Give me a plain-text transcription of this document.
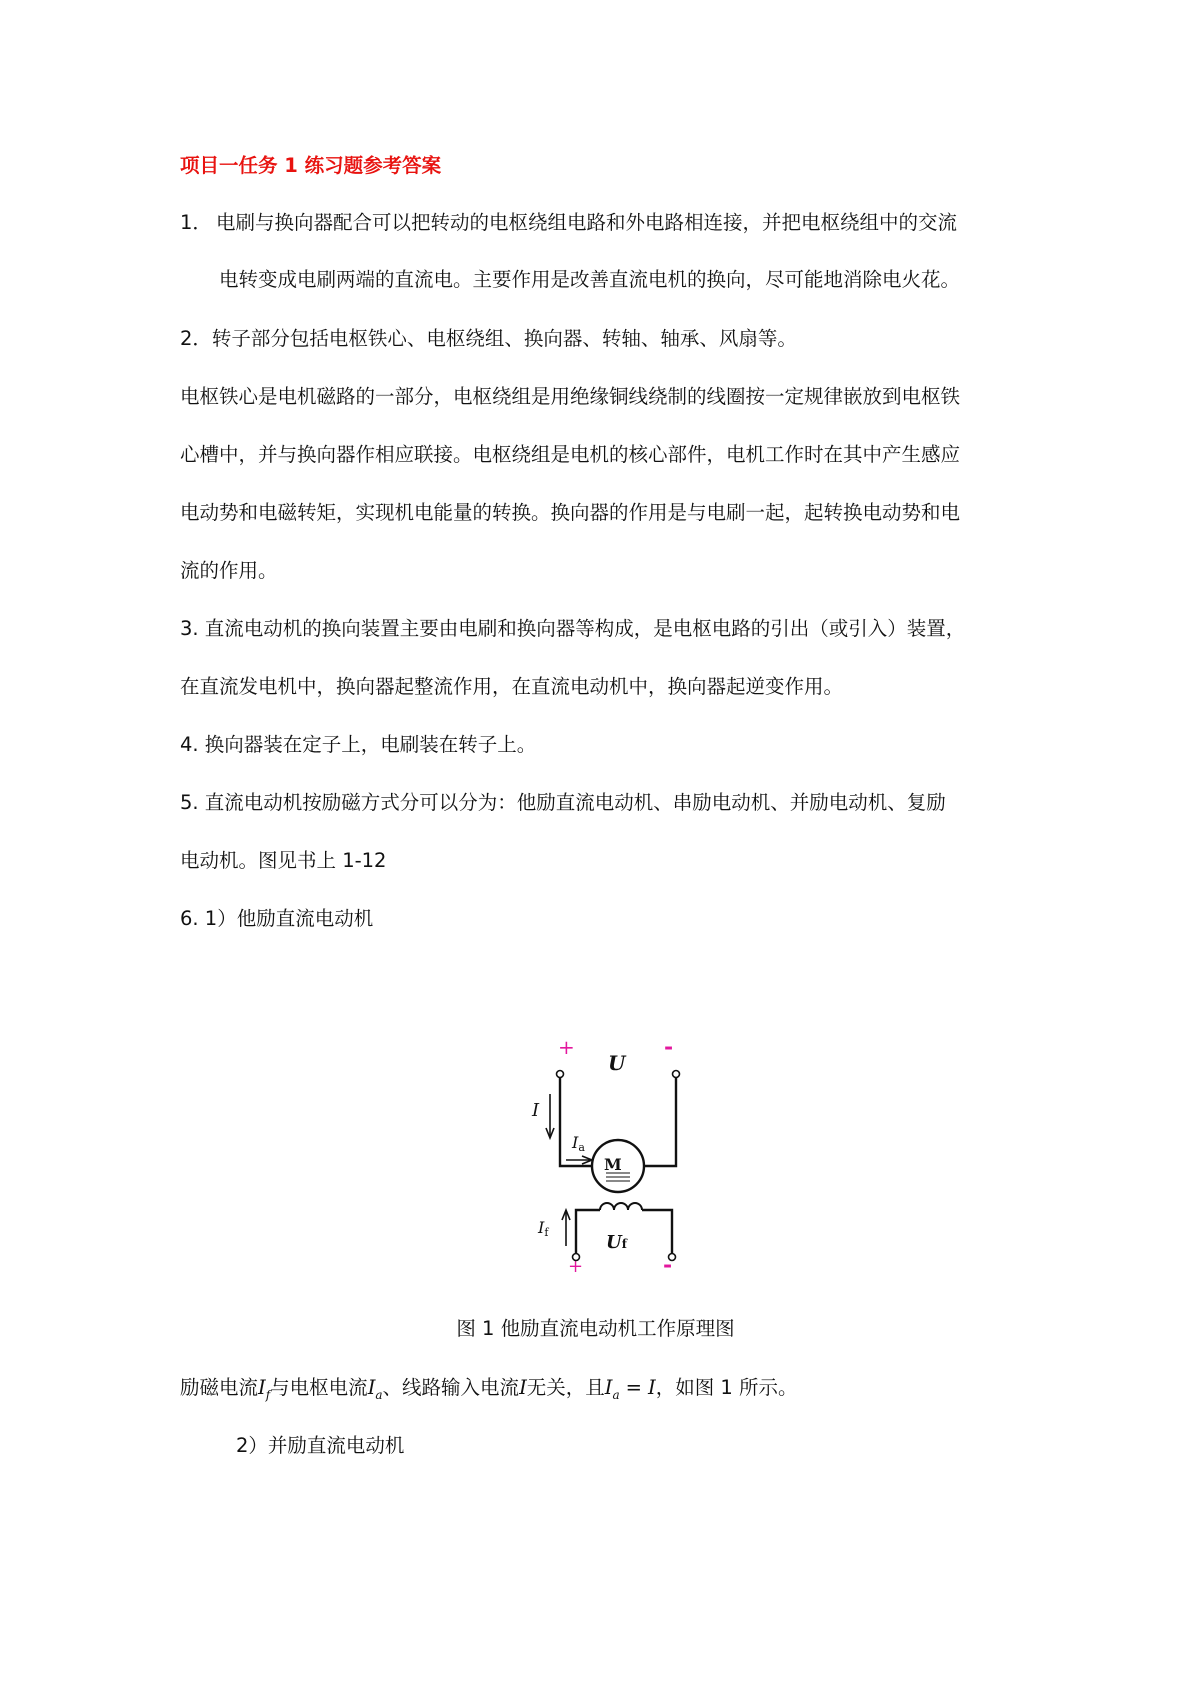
项目一任务 1 练习题参考答案
1． 电刷与换向器配合可以把转动的电枢绕组电路和外电路相连接，并把电枢绕组中的交流
电转变成电刷两端的直流电。主要作用是改善直流电机的换向，尽可能地消除电火花。
2．转子部分包括电枢铁心、电枢绕组、换向器、转轴、轴承、风扇等。
电枢铁心是电机磁路的一部分，电枢绕组是用绝缘铜线绕制的线圈按一定规律嵌放到电枢铁
心槽中，并与换向器作相应联接。电枢绕组是电机的核心部件，电机工作时在其中产生感应
电动势和电磁转矩，实现机电能量的转换。换向器的作用是与电刷一起，起转换电动势和电
流的作用。
3. 直流电动机的换向装置主要由电刷和换向器等构成，是电枢电路的引出（或引入）装置，
在直流发电机中，换向器起整流作用，在直流电动机中，换向器起逆变作用。
4. 换向器装在定子上，电刷装在转子上。
5. 直流电动机按励磁方式分可以分为：他励直流电动机、串励电动机、并励电动机、复励
电动机。图见书上 1-12
6. 1）他励直流电动机
+	-
U
I
Ia
If	Uf
+	-
M
图 1 他励直流电动机工作原理图
励磁电流$I_f$与电枢电流$I_a$、线路输入电流I无关，且$I_a = I$，如图 1 所示。
2）并励直流电动机
